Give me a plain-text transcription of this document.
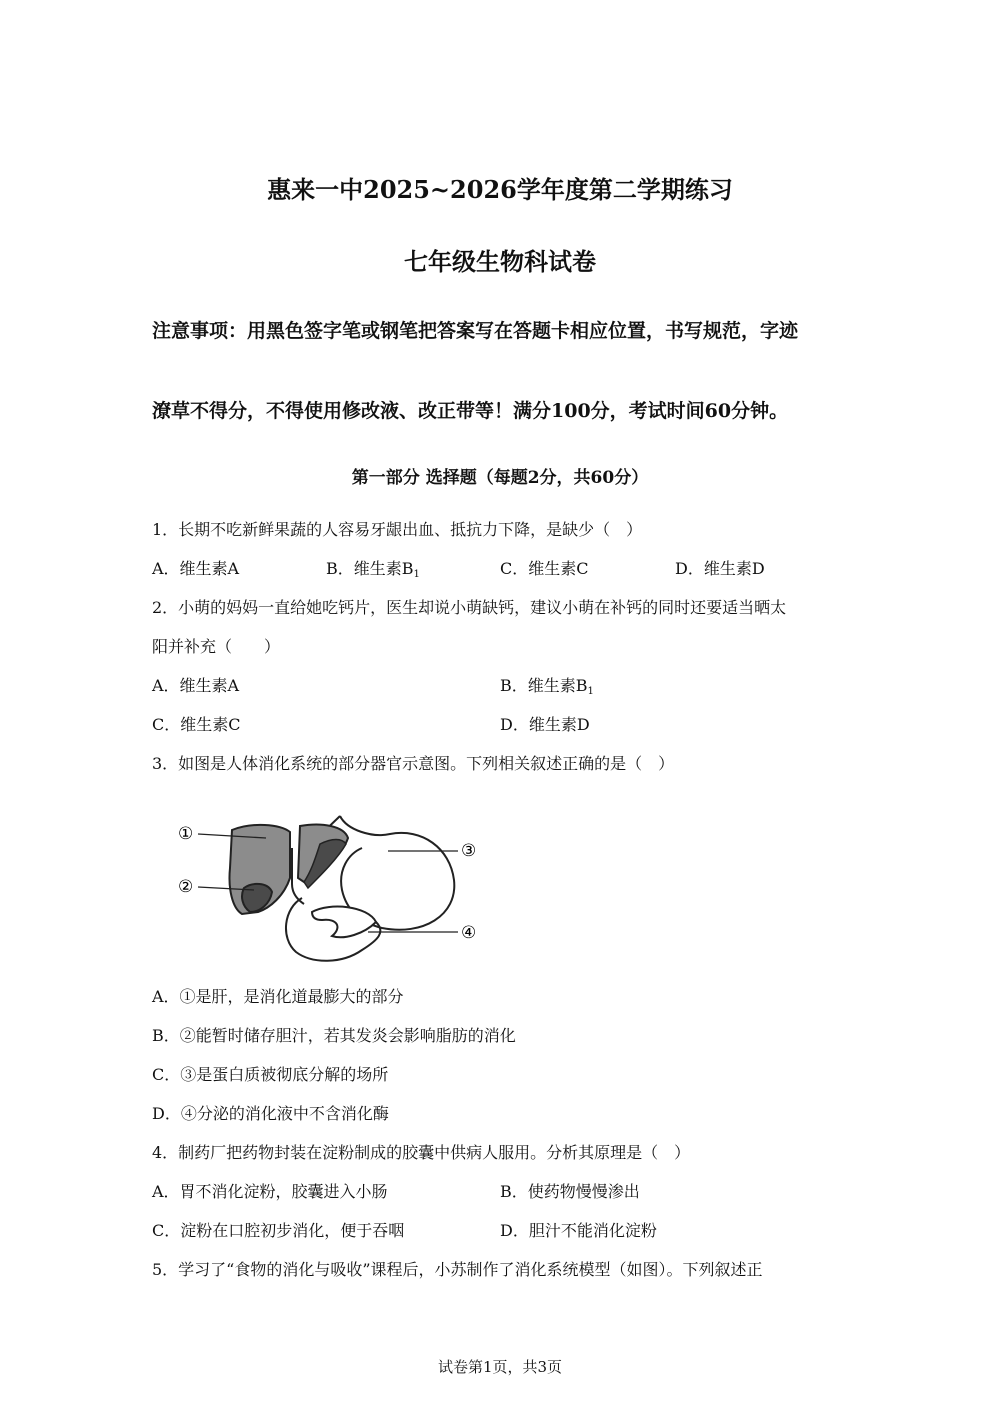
惠来一中2025~2026学年度第二学期练习
七年级生物科试卷
注意事项：用黑色签字笔或钢笔把答案写在答题卡相应位置，书写规范，字迹
潦草不得分，不得使用修改液、改正带等！满分100分，考试时间60分钟。
第一部分 选择题（每题2分，共60分）
1．长期不吃新鲜果蔬的人容易牙龈出血、抵抗力下降，是缺少（　）
A．维生素A	B．维生素$B_1$	C．维生素C	D．维生素D
2．小萌的妈妈一直给她吃钙片，医生却说小萌缺钙，建议小萌在补钙的同时还要适当晒太
阳并补充（　　）
A．维生素A	B．维生素$B_1$
C．维生素C	D．维生素D
3．如图是人体消化系统的部分器官示意图。下列相关叙述正确的是（　）
①
②
③
④
A．①是肝，是消化道最膨大的部分
B．②能暂时储存胆汁，若其发炎会影响脂肪的消化
C．③是蛋白质被彻底分解的场所
D．④分泌的消化液中不含消化酶
4．制药厂把药物封装在淀粉制成的胶囊中供病人服用。分析其原理是（　）
A．胃不消化淀粉，胶囊进入小肠	B．使药物慢慢渗出
C．淀粉在口腔初步消化，便于吞咽	D．胆汁不能消化淀粉
5．学习了“食物的消化与吸收”课程后，小苏制作了消化系统模型（如图）。下列叙述正
试卷第1页，共3页
